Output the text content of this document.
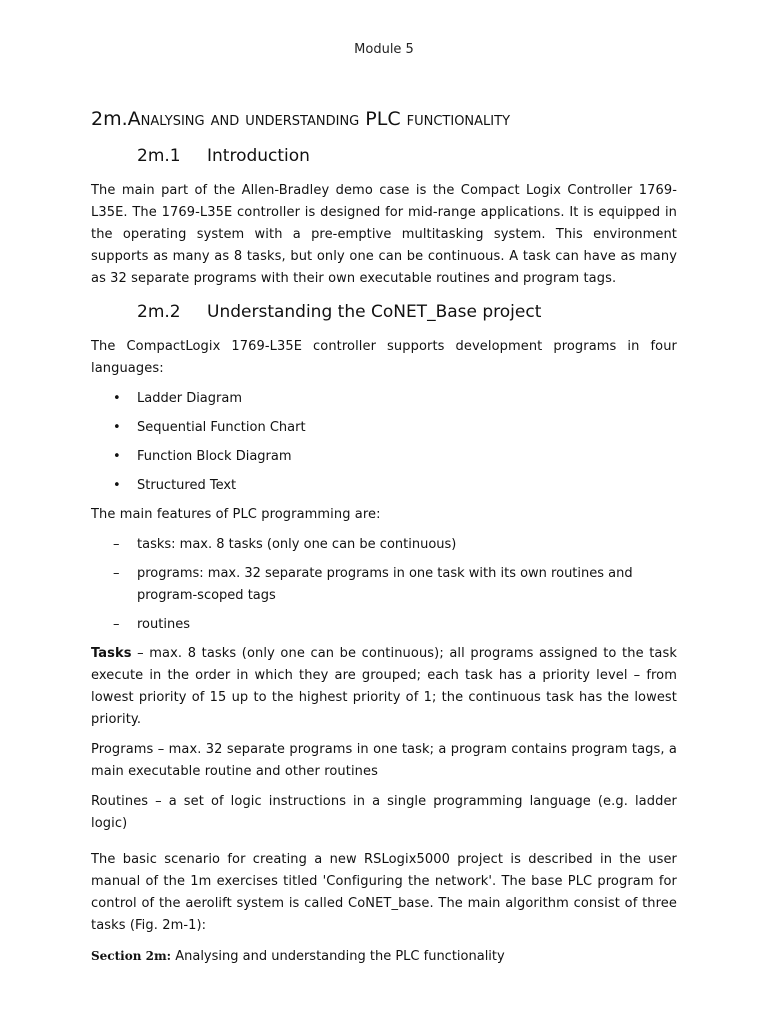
Module 5
2m.Analysing and understanding PLC functionality
2m.1	Introduction

The main part of the Allen-Bradley demo case is the Compact Logix Controller 1769-L35E. The 1769-L35E controller is designed for mid-range applications. It is equipped in the operating system with a pre-emptive multitasking system. This environment supports as many as 8 tasks, but only one can be continuous. A task can have as many as 32 separate programs with their own executable routines and program tags.

2m.2	Understanding the CoNET_Base project

The CompactLogix 1769-L35E controller supports development programs in four languages:

• Ladder Diagram
• Sequential Function Chart
• Function Block Diagram
• Structured Text

The main features of PLC programming are:

– tasks: max. 8 tasks (only one can be continuous)
– programs: max. 32 separate programs in one task with its own routines and program-scoped tags
– routines

Tasks – max. 8 tasks (only one can be continuous); all programs assigned to the task execute in the order in which they are grouped; each task has a priority level – from lowest priority of 15 up to the highest priority of 1; the continuous task has the lowest priority.

Programs – max. 32 separate programs in one task; a program contains program tags, a main executable routine and other routines

Routines – a set of logic instructions in a single programming language (e.g. ladder logic)

The basic scenario for creating a new RSLogix5000 project is described in the user manual of the 1m exercises titled 'Configuring the network'. The base PLC program for control of the aerolift system is called CoNET_base. The main algorithm consist of three tasks (Fig. 2m-1):

Section 2m: Analysing and understanding the PLC functionality
